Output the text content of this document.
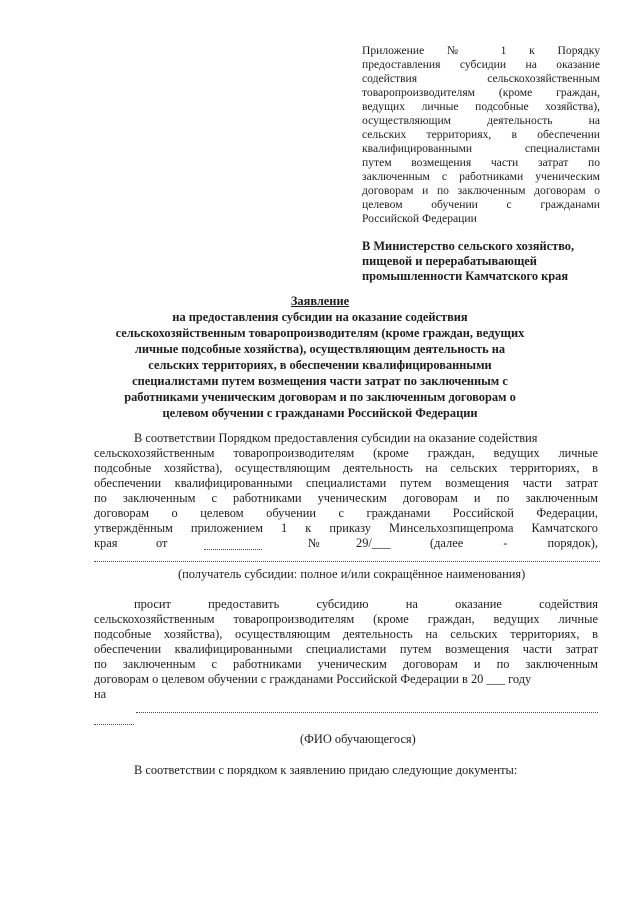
Приложение № 1 к Порядку
предоставления субсидии на оказание
содействия сельскохозяйственным
товаропроизводителям (кроме граждан,
ведущих личные подсобные хозяйства),
осуществляющим деятельность на
сельских территориях, в обеспечении
квалифицированными специалистами
путем возмещения части затрат по
заключенным с работниками ученическим
договорам и по заключенным договорам о
целевом обучении с гражданами
Российской Федерации
В Министерство сельского хозяйство,
пищевой и перерабатывающей
промышленности Камчатского края
Заявление
на предоставления субсидии на оказание содействия
сельскохозяйственным товаропроизводителям (кроме граждан, ведущих
личные подсобные хозяйства), осуществляющим деятельность на
сельских территориях, в обеспечении квалифицированными
специалистами путем возмещения части затрат по заключенным с
работниками ученическим договорам и по заключенным договорам о
целевом обучении с гражданами Российской Федерации
В соответствии Порядком предоставления субсидии на оказание содействия
сельскохозяйственным товаропроизводителям (кроме граждан, ведущих личные
подсобные хозяйства), осуществляющим деятельность на сельских территориях, в
обеспечении квалифицированными специалистами путем возмещения части затрат
по заключенным с работниками ученическим договорам и по заключенным
договорам о целевом обучении с гражданами Российской Федерации,
утверждённым приложением 1 к приказу Минсельхозпищепрома Камчатского
края	от	№	29/___	(далее - порядок),
(получатель субсидии: полное и/или сокращённое наименования)
просит предоставить субсидию на оказание содействия
сельскохозяйственным товаропроизводителям (кроме граждан, ведущих личные
подсобные хозяйства), осуществляющим деятельность на сельских территориях, в
обеспечении квалифицированными специалистами путем возмещения части затрат
по заключенным с работниками ученическим договорам и по заключенным
договорам о целевом обучении с гражданами Российской Федерации в 20 ___ году
на
(ФИО обучающегося)
В соответствии с порядком к заявлению придаю следующие документы:
